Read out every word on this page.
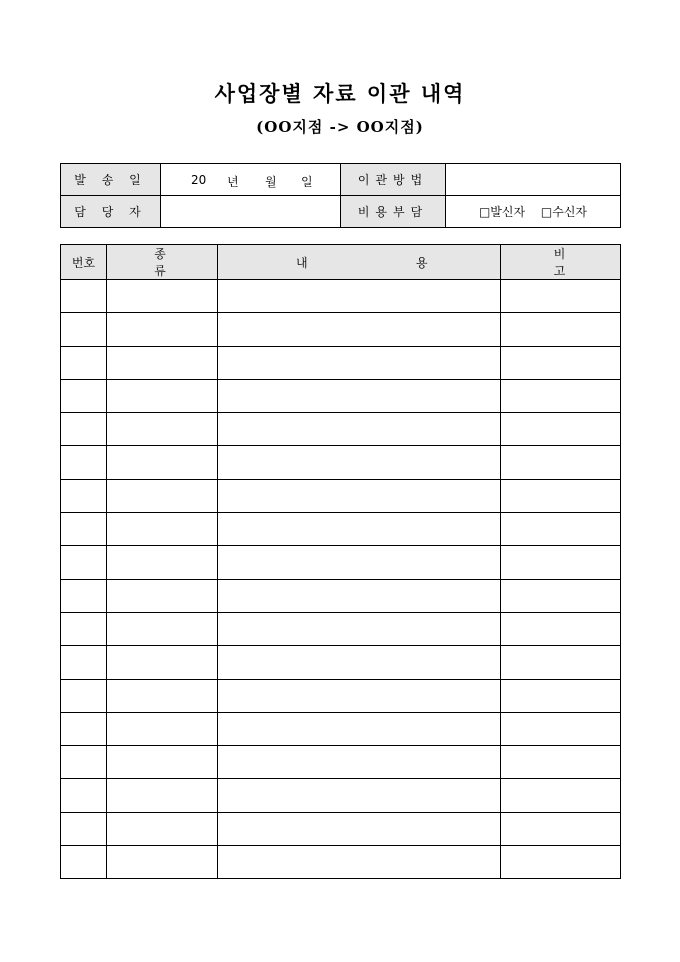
사업장별 자료 이관 내역
(OO지점 -> OO지점)
발 송 일	20 년 월 일	이관방법	
담 당 자		비용부담	□발신자 □수신자
번호	종 류	내 용	비 고
